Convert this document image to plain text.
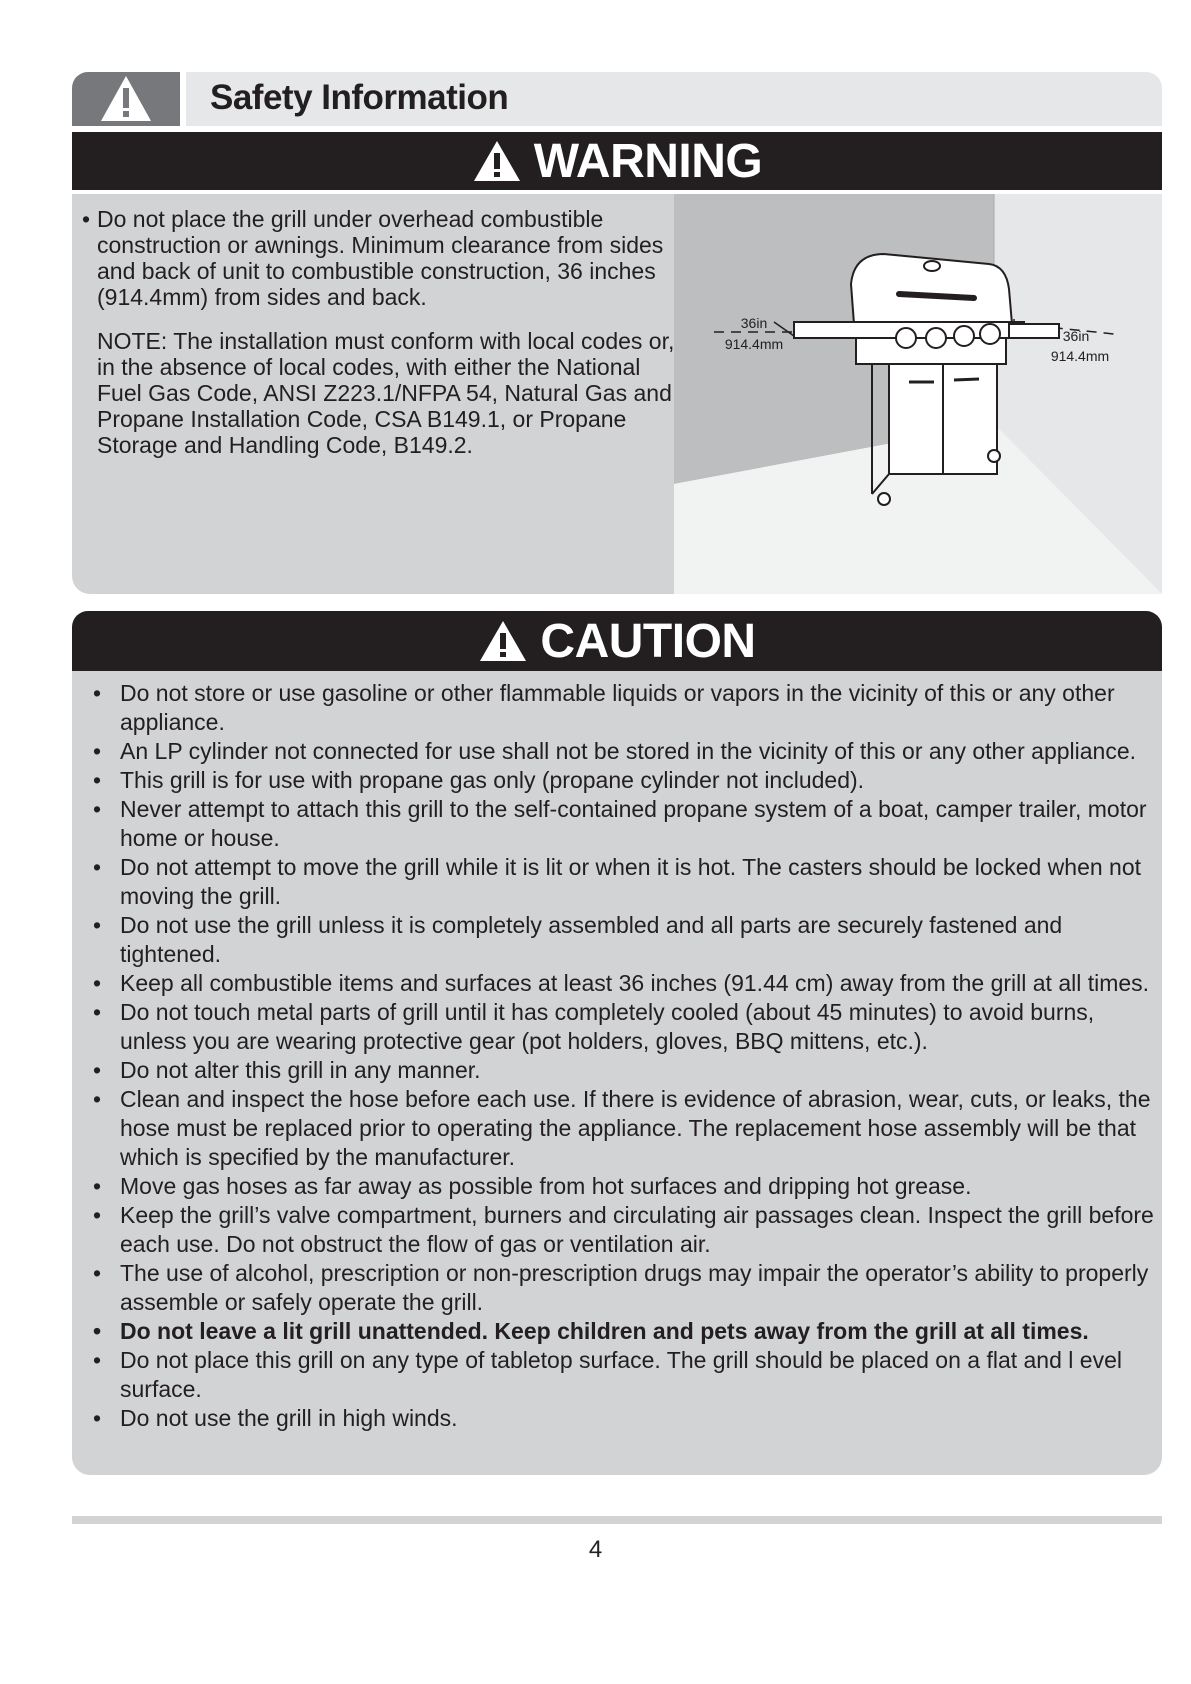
Safety Information
WARNING
• Do not place the grill under overhead combustible construction or awnings. Minimum clearance from sides and back of unit to combustible construction, 36 inches (914.4mm) from sides and back.
NOTE: The installation must conform with local codes or, in the absence of local codes, with either the National Fuel Gas Code, ANSI Z223.1/NFPA 54, Natural Gas and Propane Installation Code, CSA B149.1, or Propane Storage and Handling Code, B149.2.
36in
914.4mm	36in
914.4mm
CAUTION
• Do not store or use gasoline or other flammable liquids or vapors in the vicinity of this or any other appliance.
• An LP cylinder not connected for use shall not be stored in the vicinity of this or any other appliance.
• This grill is for use with propane gas only (propane cylinder not included).
• Never attempt to attach this grill to the self-contained propane system of a boat, camper trailer, motor home or house.
• Do not attempt to move the grill while it is lit or when it is hot. The casters should be locked when not moving the grill.
• Do not use the grill unless it is completely assembled and all parts are securely fastened and tightened.
• Keep all combustible items and surfaces at least 36 inches (91.44 cm) away from the grill at all times.
• Do not touch metal parts of grill until it has completely cooled (about 45 minutes) to avoid burns, unless you are wearing protective gear (pot holders, gloves, BBQ mittens, etc.).
• Do not alter this grill in any manner.
• Clean and inspect the hose before each use. If there is evidence of abrasion, wear, cuts, or leaks, the hose must be replaced prior to operating the appliance. The replacement hose assembly will be that which is specified by the manufacturer.
• Move gas hoses as far away as possible from hot surfaces and dripping hot grease.
• Keep the grill’s valve compartment, burners and circulating air passages clean. Inspect the grill before each use. Do not obstruct the flow of gas or ventilation air.
• The use of alcohol, prescription or non-prescription drugs may impair the operator’s ability to properly assemble or safely operate the grill.
• Do not leave a lit grill unattended. Keep children and pets away from the grill at all times.
• Do not place this grill on any type of tabletop surface. The grill should be placed on a flat and l evel surface.
• Do not use the grill in high winds.
4
